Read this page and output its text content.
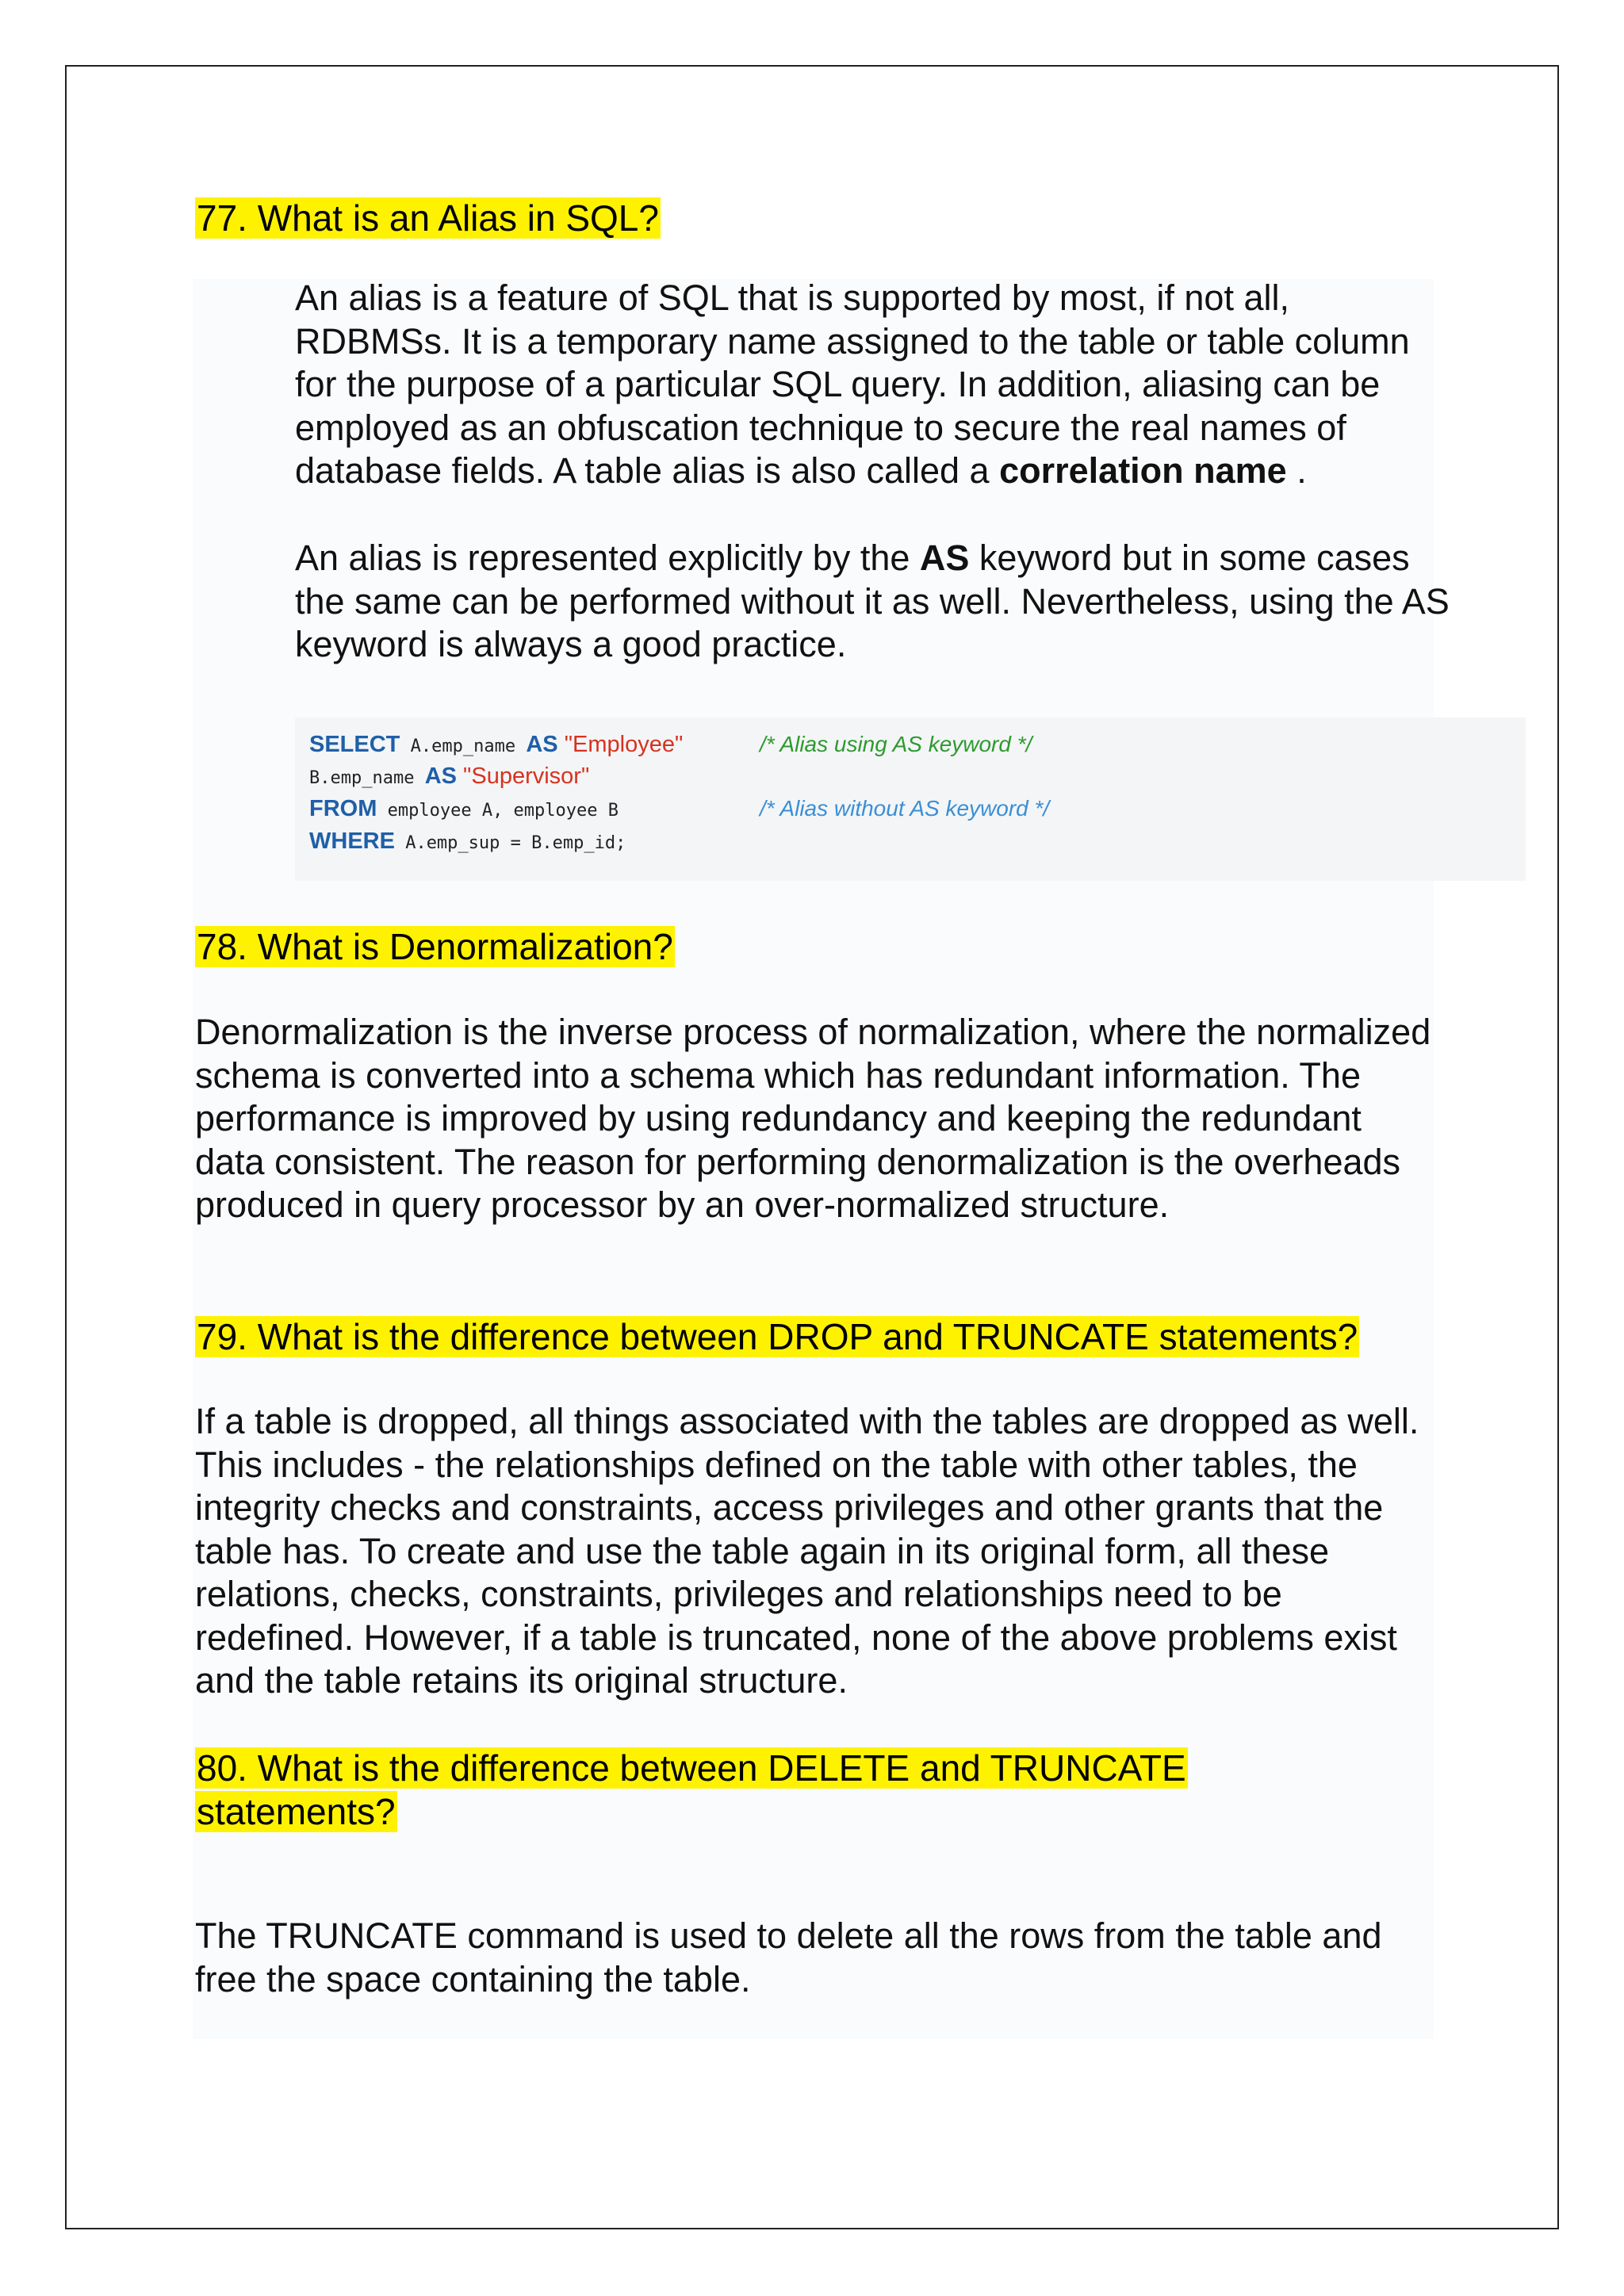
77. What is an Alias in SQL?

An alias is a feature of SQL that is supported by most, if not all, RDBMSs. It is a temporary name assigned to the table or table column for the purpose of a particular SQL query. In addition, aliasing can be employed as an obfuscation technique to secure the real names of database fields. A table alias is also called a correlation name .

An alias is represented explicitly by the AS keyword but in some cases the same can be performed without it as well. Nevertheless, using the AS keyword is always a good practice.

SELECT A.emp_name AS "Employee"	/* Alias using AS keyword */
B.emp_name AS "Supervisor"
FROM employee A, employee B	/* Alias without AS keyword */
WHERE A.emp_sup = B.emp_id;
78. What is Denormalization?

Denormalization is the inverse process of normalization, where the normalized schema is converted into a schema which has redundant information. The performance is improved by using redundancy and keeping the redundant data consistent. The reason for performing denormalization is the overheads produced in query processor by an over-normalized structure.

79. What is the difference between DROP and TRUNCATE statements?

If a table is dropped, all things associated with the tables are dropped as well. This includes - the relationships defined on the table with other tables, the integrity checks and constraints, access privileges and other grants that the table has. To create and use the table again in its original form, all these relations, checks, constraints, privileges and relationships need to be redefined. However, if a table is truncated, none of the above problems exist and the table retains its original structure.

80. What is the difference between DELETE and TRUNCATE statements?

The TRUNCATE command is used to delete all the rows from the table and free the space containing the table.
